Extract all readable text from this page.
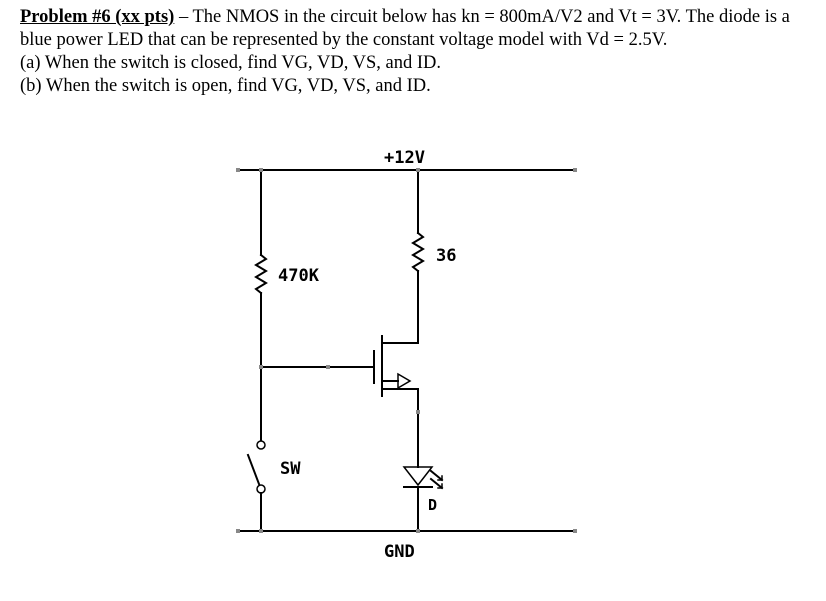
Problem #6 (xx pts) – The NMOS in the circuit below has kn = 800mA/V2 and Vt = 3V. The diode is a blue power LED that can be represented by the constant voltage model with Vd = 2.5V.

(a) When the switch is closed, find VG, VD, VS, and ID.

(b) When the switch is open, find VG, VD, VS, and ID.

+12V
470K
36
SW
D
GND
